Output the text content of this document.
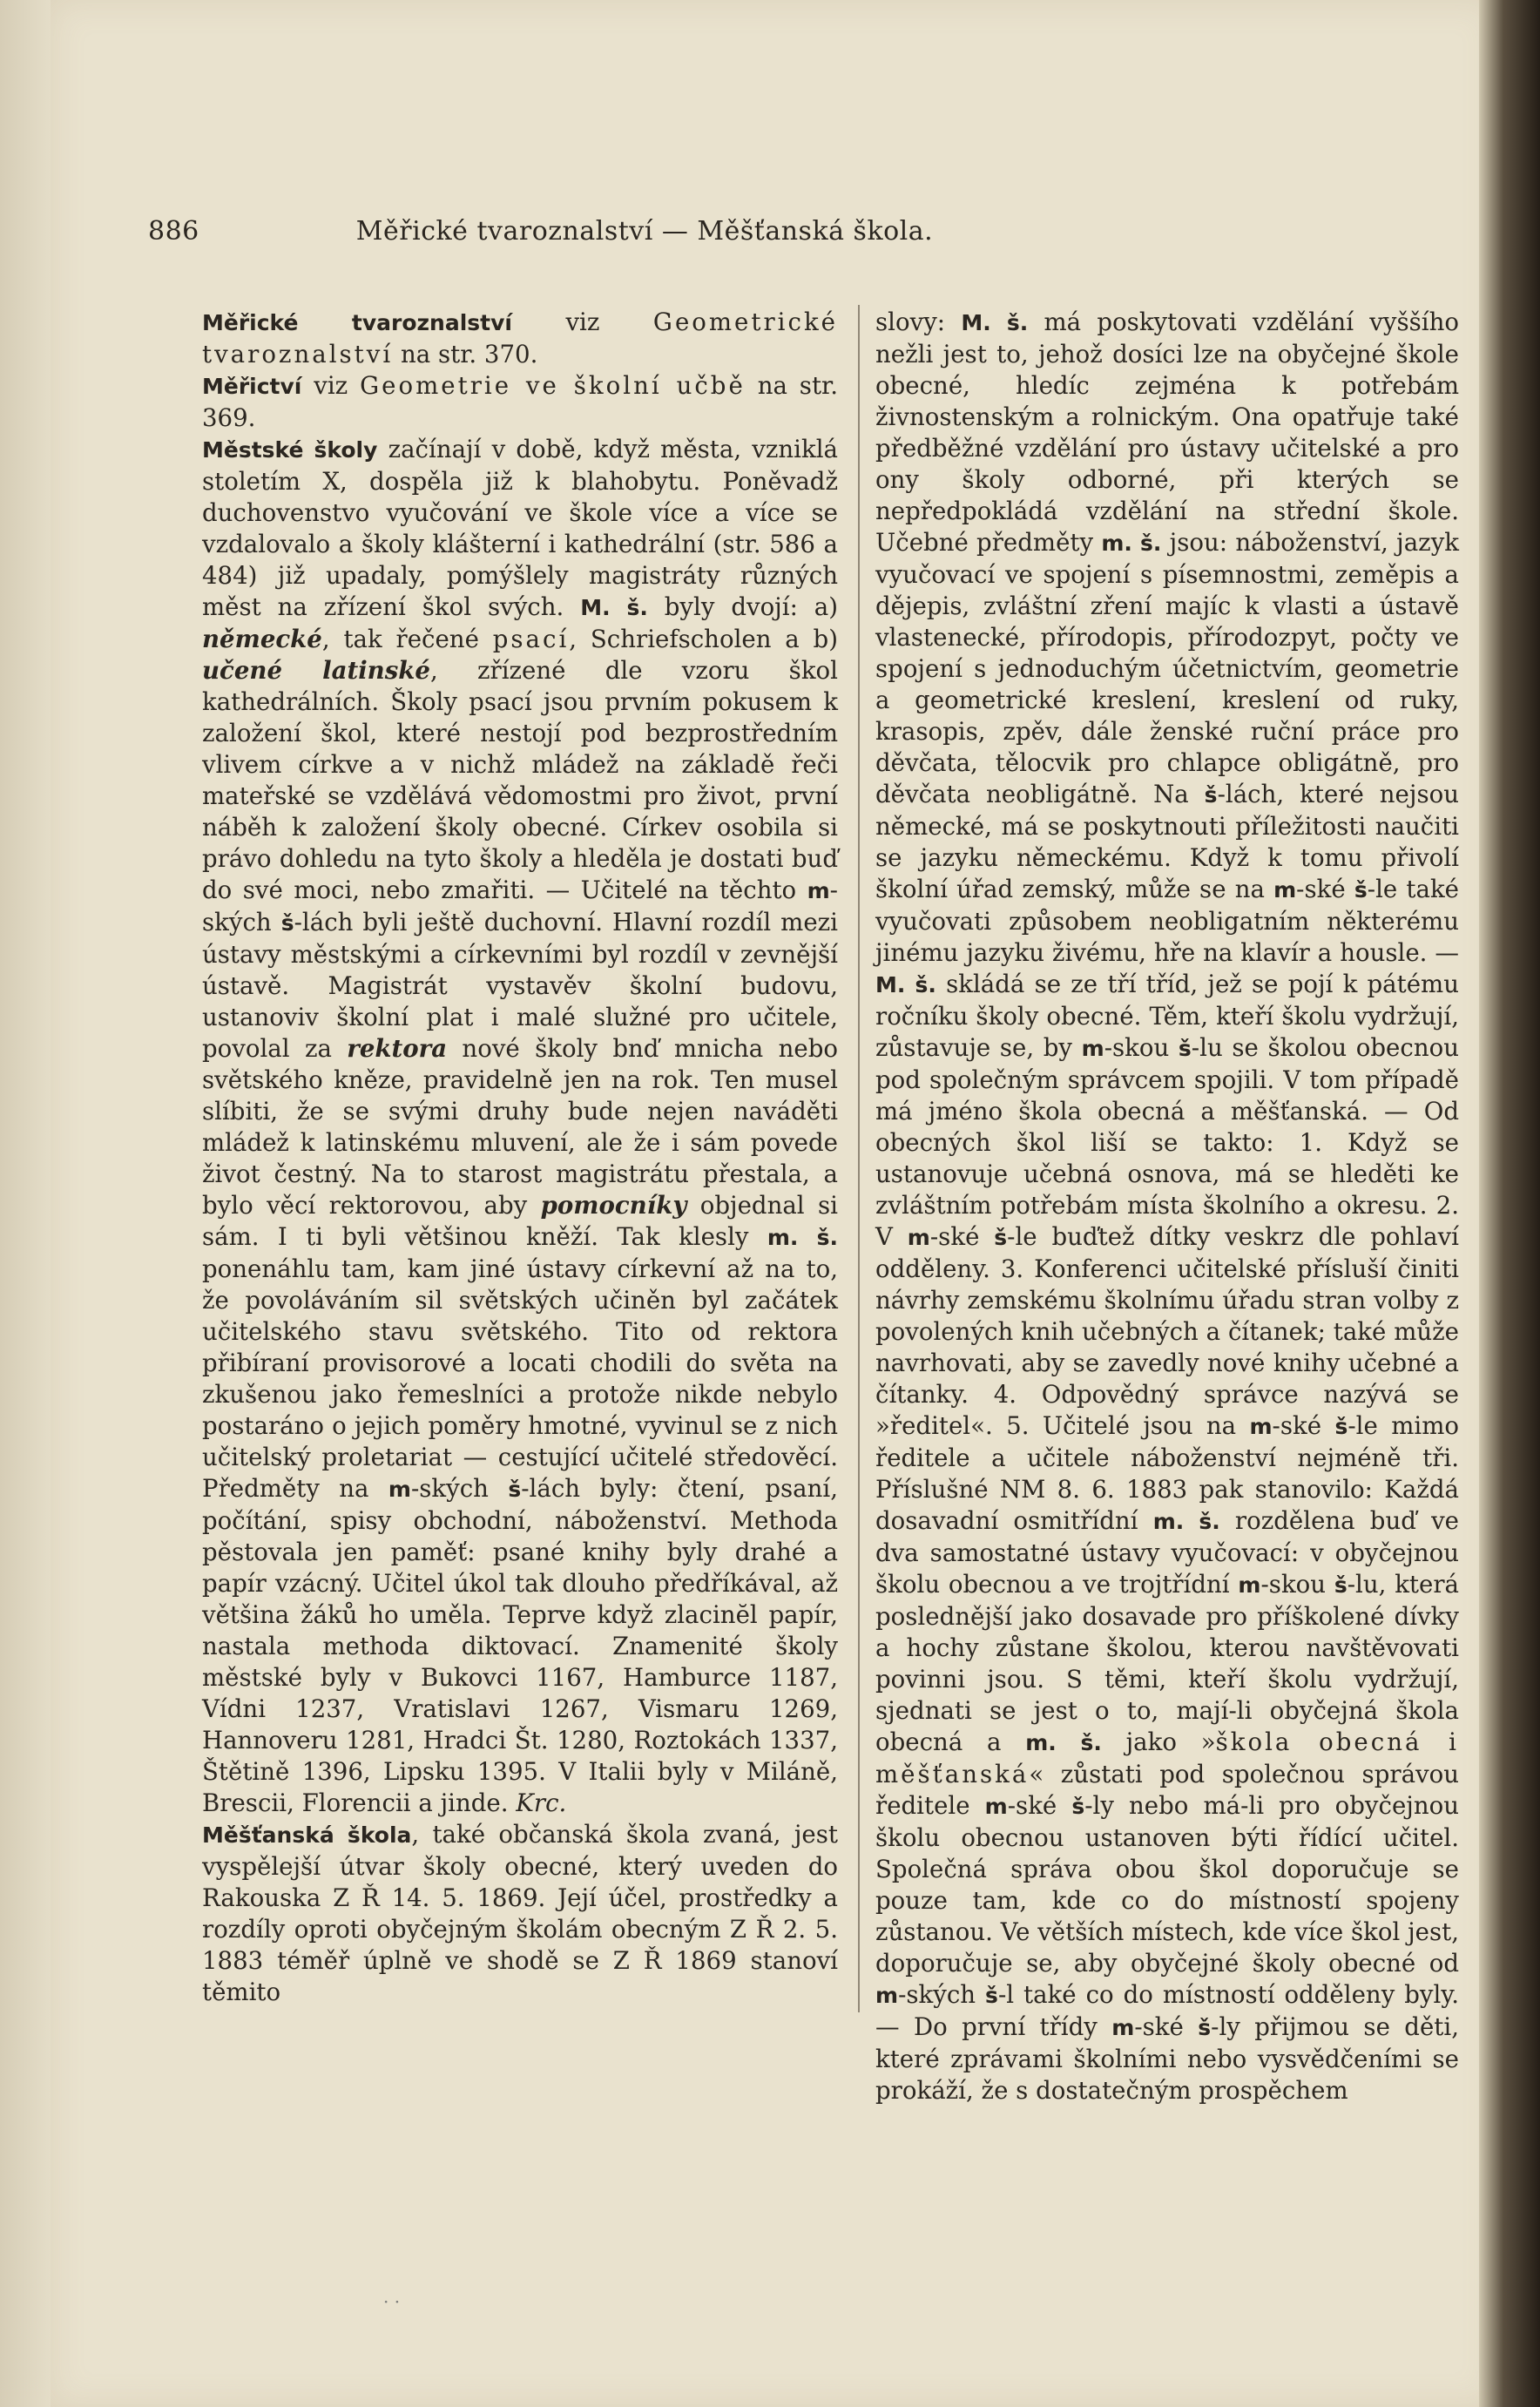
886	Měřické tvaroznalství — Měšťanská škola.

Měřické tvaroznalství viz Geometrické tvaroznalství na str. 370.

Měřictví viz Geometrie ve školní učbě na str. 369.

Městské školy začínají v době, když města, vzniklá stoletím X, dospěla již k blahobytu. Poněvadž duchovenstvo vyučování ve škole více a více se vzdalovalo a školy klášterní i kathedrální (str. 586 a 484) již upadaly, pomýšlely magistráty různých měst na zřízení škol svých. M. š. byly dvojí: a) německé, tak řečené psací, Schriefscholen a b) učené latinské, zřízené dle vzoru škol kathedrálních. Školy psací jsou prvním pokusem k založení škol, které nestojí pod bezprostředním vlivem církve a v nichž mládež na základě řeči mateřské se vzdělává vědomostmi pro život, první náběh k založení školy obecné. Církev osobila si právo dohledu na tyto školy a hleděla je dostati buď do své moci, nebo zmařiti. — Učitelé na těchto m-ských š-lách byli ještě duchovní. Hlavní rozdíl mezi ústavy městskými a církevními byl rozdíl v zevnější ústavě. Magistrát vystavěv školní budovu, ustanoviv školní plat i malé služné pro učitele, povolal za rektora nové školy bnď mnicha nebo světského kněze, pravidelně jen na rok. Ten musel slíbiti, že se svými druhy bude nejen naváděti mládež k latinskému mluvení, ale že i sám povede život čestný. Na to starost magistrátu přestala, a bylo věcí rektorovou, aby pomocníky objednal si sám. I ti byli většinou kněží. Tak klesly m. š. ponenáhlu tam, kam jiné ústavy církevní až na to, že povoláváním sil světských učiněn byl začátek učitelského stavu světského. Tito od rektora přibíraní provisorové a locati chodili do světa na zkušenou jako řemeslníci a protože nikde nebylo postaráno o jejich poměry hmotné, vyvinul se z nich učitelský proletariat — cestující učitelé středověcí. Předměty na m-ských š-lách byly: čtení, psaní, počítání, spisy obchodní, náboženství. Methoda pěstovala jen paměť: psané knihy byly drahé a papír vzácný. Učitel úkol tak dlouho předříkával, až většina žáků ho uměla. Teprve když zlacinĕl papír, nastala methoda diktovací. Znamenité školy městské byly v Bukovci 1167, Hamburce 1187, Vídni 1237, Vratislavi 1267, Vismaru 1269, Hannoveru 1281, Hradci Št. 1280, Roztokách 1337, Štětině 1396, Lipsku 1395. V Italii byly v Miláně, Brescii, Florencii a jinde. Krc.

Měšťanská škola, také občanská škola zvaná, jest vyspělejší útvar školy obecné, který uveden do Rakouska Z Ř 14. 5. 1869. Její účel, prostředky a rozdíly oproti obyčejným školám obecným Z Ř 2. 5. 1883 téměř úplně ve shodě se Z Ř 1869 stanoví těmito

slovy: M. š. má poskytovati vzdělání vyššího nežli jest to, jehož dosíci lze na obyčejné škole obecné, hledíc zejména k potřebám živnostenským a rolnickým. Ona opatřuje také předběžné vzdělání pro ústavy učitelské a pro ony školy odborné, při kterých se nepředpokládá vzdělání na střední škole. Učebné předměty m. š. jsou: náboženství, jazyk vyučovací ve spojení s písemnostmi, zeměpis a dějepis, zvláštní zření majíc k vlasti a ústavě vlastenecké, přírodopis, přírodozpyt, počty ve spojení s jednoduchým účetnictvím, geometrie a geometrické kreslení, kreslení od ruky, krasopis, zpěv, dále ženské ruční práce pro děvčata, tělocvik pro chlapce obligátně, pro děvčata neobligátně. Na š-lách, které nejsou německé, má se poskytnouti příležitosti naučiti se jazyku německému. Když k tomu přivolí školní úřad zemský, může se na m-ské š-le také vyučovati způsobem neobligatním některému jinému jazyku živému, hře na klavír a housle. — M. š. skládá se ze tří tříd, jež se pojí k pátému ročníku školy obecné. Těm, kteří školu vydržují, zůstavuje se, by m-skou š-lu se školou obecnou pod společným správcem spojili. V tom případě má jméno škola obecná a měšťanská. — Od obecných škol liší se takto: 1. Když se ustanovuje učebná osnova, má se hleděti ke zvláštním potřebám místa školního a okresu. 2. V m-ské š-le buďtež dítky veskrz dle pohlaví odděleny. 3. Konferenci učitelské přísluší činiti návrhy zemskému školnímu úřadu stran volby z povolených knih učebných a čítanek; také může navrhovati, aby se zavedly nové knihy učebné a čítanky. 4. Odpovědný správce nazývá se »ředitel«. 5. Učitelé jsou na m-ské š-le mimo ředitele a učitele náboženství nejméně tři. Příslušné NM 8. 6. 1883 pak stanovilo: Každá dosavadní osmitřídní m. š. rozdělena buď ve dva samostatné ústavy vyučovací: v obyčejnou školu obecnou a ve trojtřídní m-skou š-lu, která poslednější jako dosavade pro příškolené dívky a hochy zůstane školou, kterou navštěvovati povinni jsou. S těmi, kteří školu vydržují, sjednati se jest o to, mají-li obyčejná škola obecná a m. š. jako »škola obecná i měšťanská« zůstati pod společnou správou ředitele m-ské š-ly nebo má-li pro obyčejnou školu obecnou ustanoven býti řídící učitel. Společná správa obou škol doporučuje se pouze tam, kde co do místností spojeny zůstanou. Ve větších místech, kde více škol jest, doporučuje se, aby obyčejné školy obecné od m-ských š-l také co do místností odděleny byly. — Do první třídy m-ské š-ly přijmou se děti, které zprávami školními nebo vysvědčeními se prokáží, že s dostatečným prospěchem

· ·
